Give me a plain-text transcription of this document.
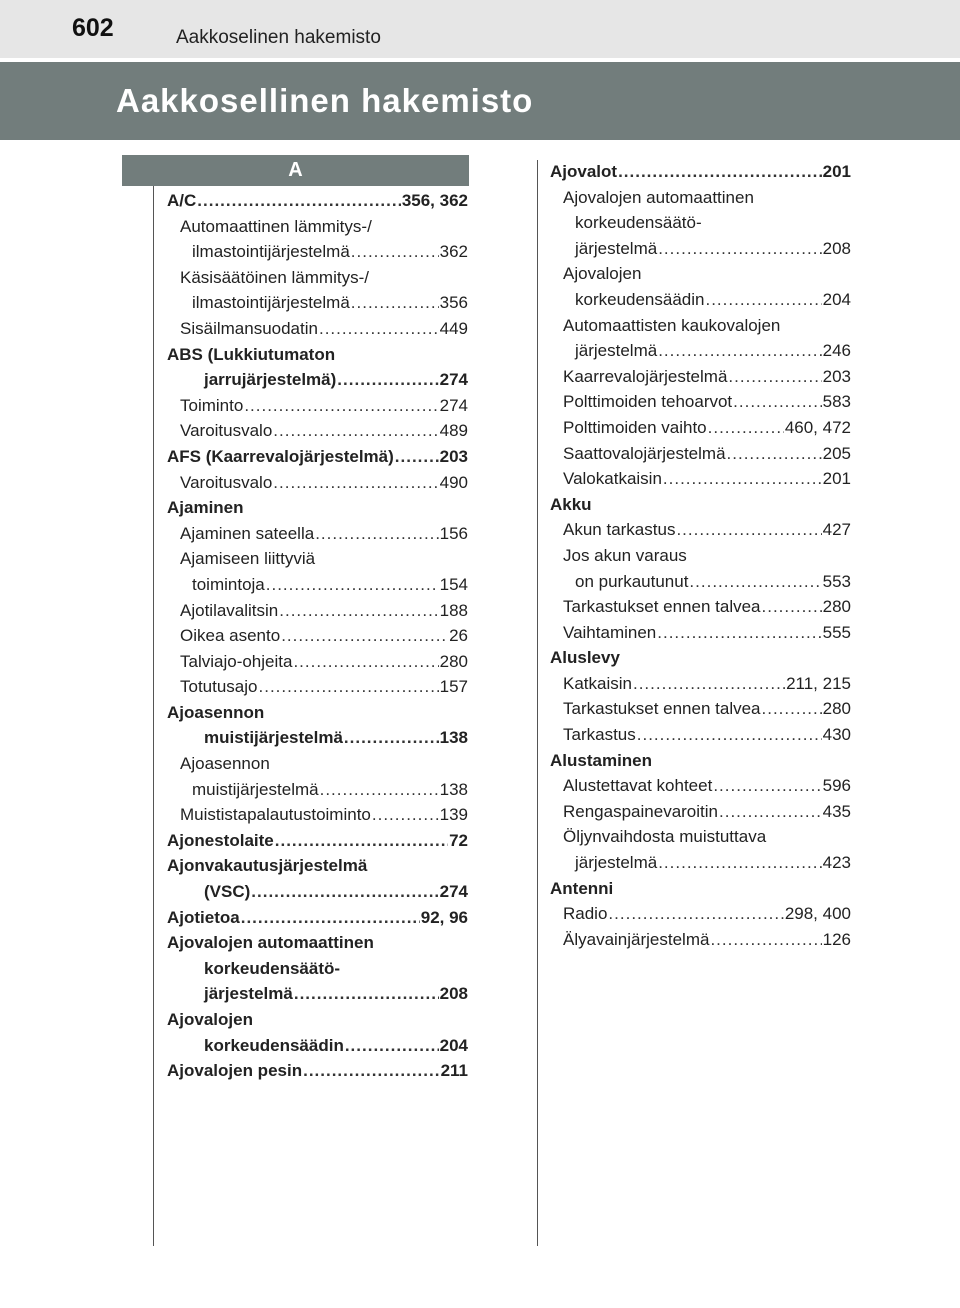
602	Aakkoselinen hakemisto
Aakkosellinen hakemisto
A
A/C .....	356, 362
Automaattinen lämmitys-/
ilmastointijärjestelmä .....	362
Käsisäätöinen lämmitys-/
ilmastointijärjestelmä .....	356
Sisäilmansuodatin .....	449
ABS (Lukkiutumaton
jarrujärjestelmä) .....	274
Toiminto .....	274
Varoitusvalo .....	489
AFS (Kaarrevalojärjestelmä) .....	203
Varoitusvalo .....	490
Ajaminen
Ajaminen sateella .....	156
Ajamiseen liittyviä
toimintoja .....	154
Ajotilavalitsin .....	188
Oikea asento .....	26
Talviajo-ohjeita .....	280
Totutusajo .....	157
Ajoasennon
muistijärjestelmä .....	138
Ajoasennon
muistijärjestelmä .....	138
Muististapalautustoiminto .....	139
Ajonestolaite .....	72
Ajonvakautusjärjestelmä
(VSC) .....	274
Ajotietoa .....	92, 96
Ajovalojen automaattinen
korkeudensäätö-
järjestelmä .....	208
Ajovalojen
korkeudensäädin .....	204
Ajovalojen pesin .....	211
Ajovalot .....	201
Ajovalojen automaattinen
korkeudensäätö-
järjestelmä .....	208
Ajovalojen
korkeudensäädin .....	204
Automaattisten kaukovalojen
järjestelmä .....	246
Kaarrevalojärjestelmä .....	203
Polttimoiden tehoarvot .....	583
Polttimoiden vaihto .....	460, 472
Saattovalojärjestelmä .....	205
Valokatkaisin .....	201
Akku
Akun tarkastus .....	427
Jos akun varaus
on purkautunut .....	553
Tarkastukset ennen talvea .....	280
Vaihtaminen .....	555
Aluslevy
Katkaisin .....	211, 215
Tarkastukset ennen talvea .....	280
Tarkastus .....	430
Alustaminen
Alustettavat kohteet .....	596
Rengaspainevaroitin .....	435
Öljynvaihdosta muistuttava
järjestelmä .....	423
Antenni
Radio .....	298, 400
Älyavainjärjestelmä .....	126
